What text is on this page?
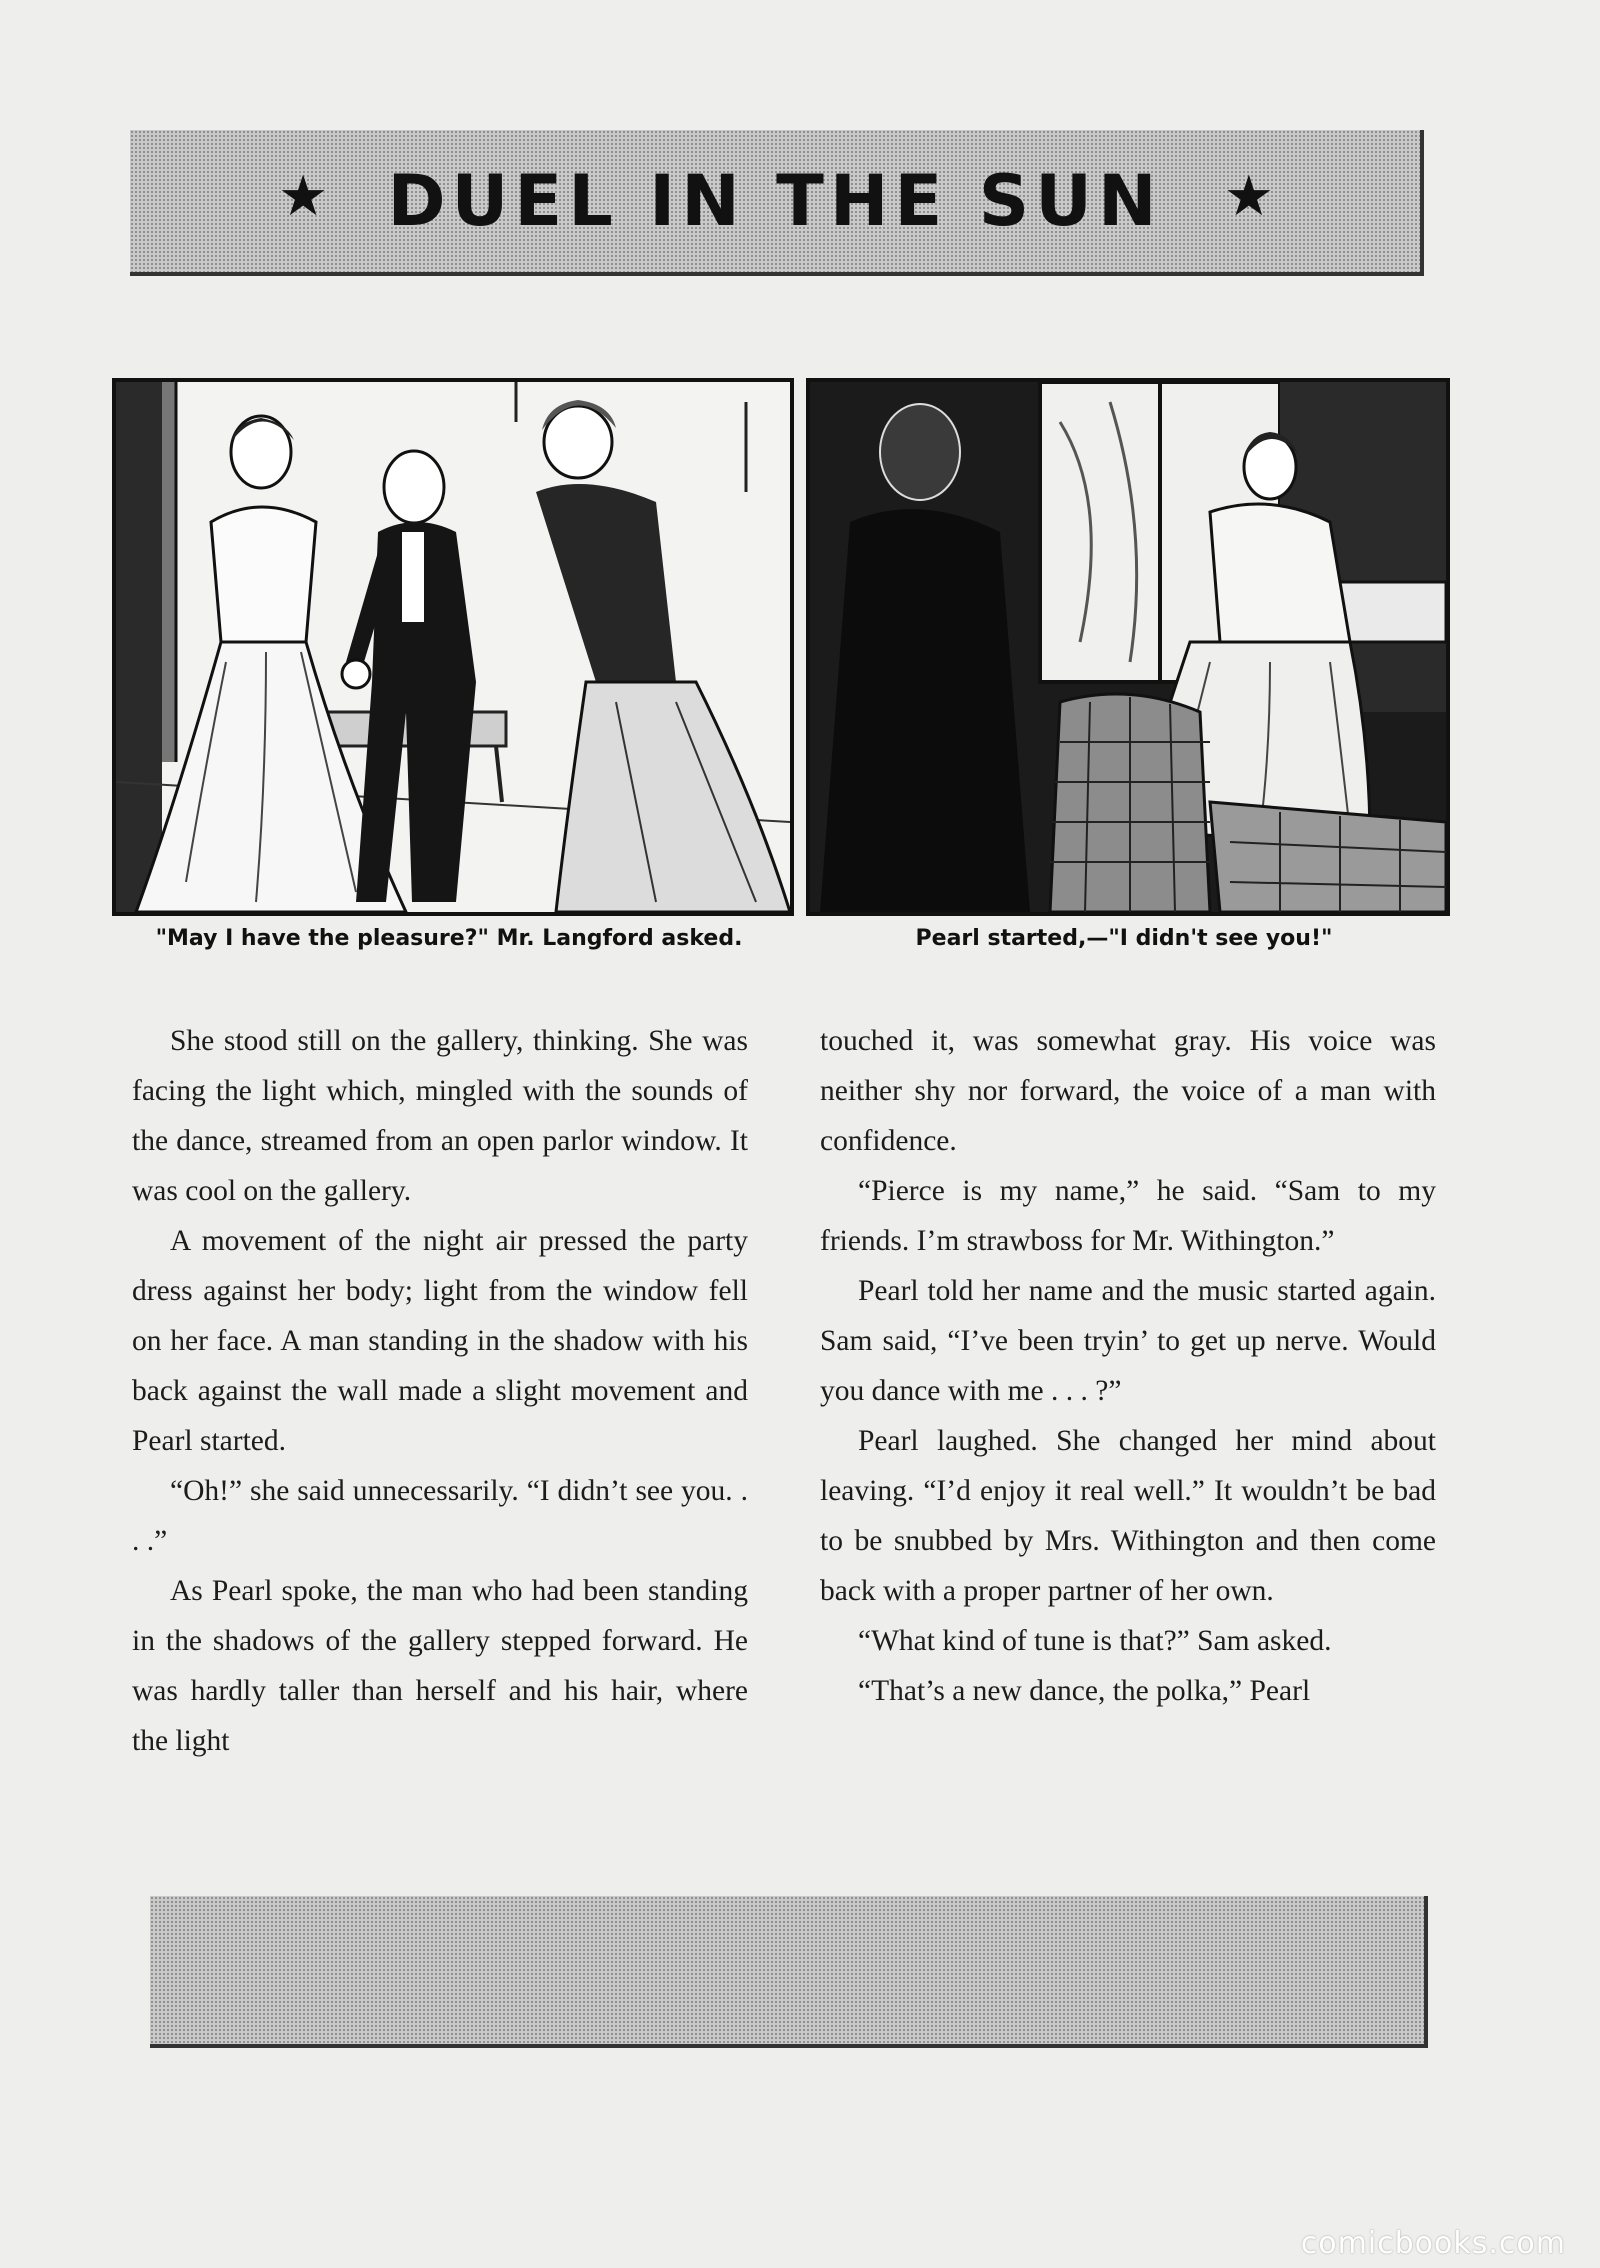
★ DUEL IN THE SUN ★
"May I have the pleasure?" Mr. Langford asked.	Pearl started,—"I didn't see you!"

She stood still on the gallery, thinking. She was facing the light which, mingled with the sounds of the dance, streamed from an open parlor window. It was cool on the gallery.

A movement of the night air pressed the party dress against her body; light from the window fell on her face. A man standing in the shadow with his back against the wall made a slight movement and Pearl started.

“Oh!” she said unnecessarily. “I didn’t see you. . . .”

As Pearl spoke, the man who had been standing in the shadows of the gallery stepped forward. He was hardly taller than herself and his hair, where the light

touched it, was somewhat gray. His voice was neither shy nor forward, the voice of a man with confidence.

“Pierce is my name,” he said. “Sam to my friends. I’m strawboss for Mr. Withington.”

Pearl told her name and the music started again. Sam said, “I’ve been tryin’ to get up nerve. Would you dance with me . . . ?”

Pearl laughed. She changed her mind about leaving. “I’d enjoy it real well.” It wouldn’t be bad to be snubbed by Mrs. Withington and then come back with a proper partner of her own.

“What kind of tune is that?” Sam asked.

“That’s a new dance, the polka,” Pearl

comicbooks.com
